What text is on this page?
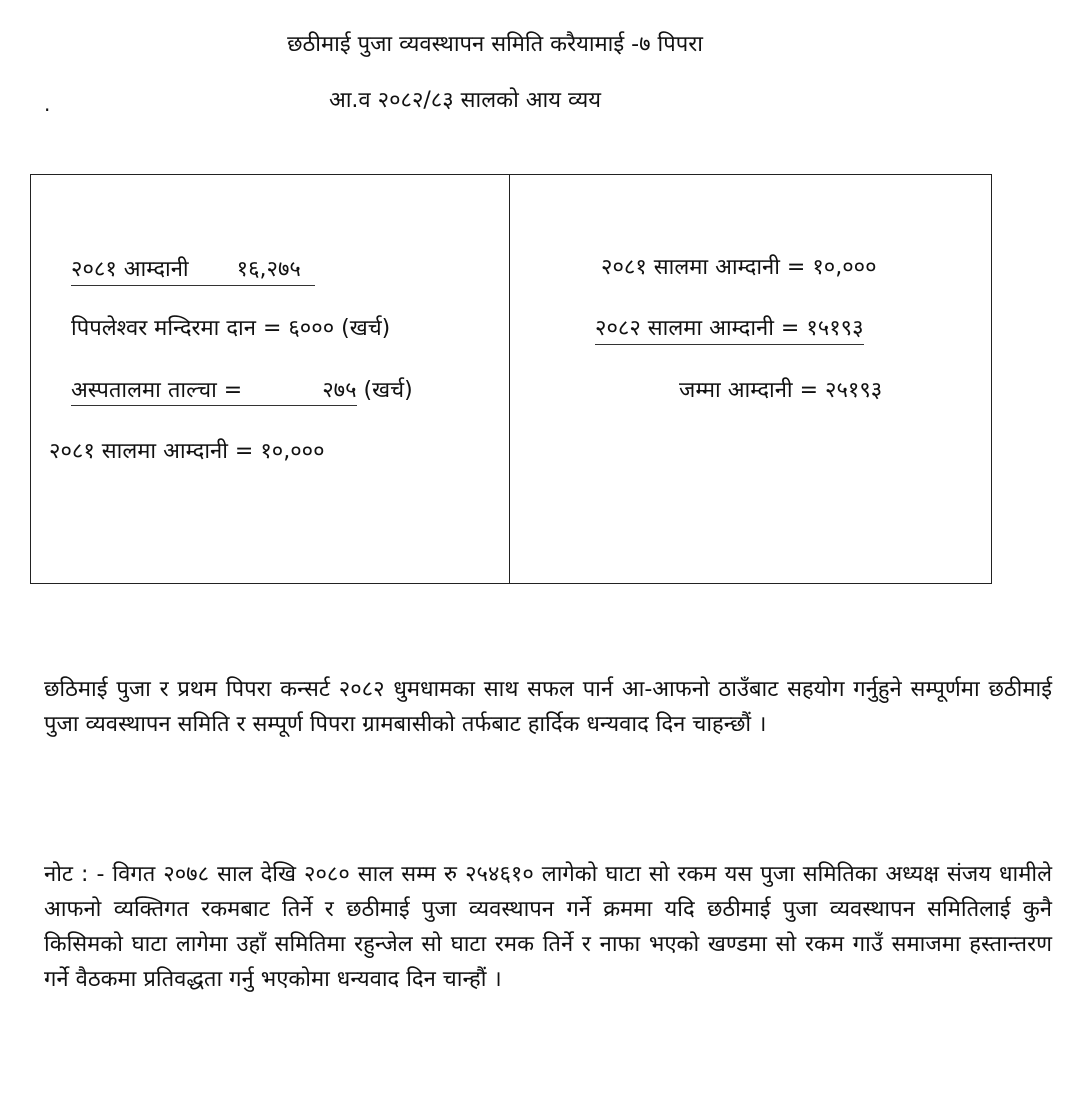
छठीमाई पुजा व्यवस्थापन समिति करैयामाई -७ पिपरा
.	आ.व २०८२/८३ सालको आय व्यय
२०८१ आम्दानी १६,२७५
पिपलेश्वर मन्दिरमा दान = ६००० (खर्च)
अस्पतालमा ताल्चा =	२७५ (खर्च)
२०८१ सालमा आम्दानी = १०,०००
२०८१ सालमा आम्दानी = १०,०००
२०८२ सालमा आम्दानी = १५१९३
जम्मा आम्दानी = २५१९३
छठिमाई पुजा र प्रथम पिपरा कन्सर्ट २०८२ धुमधामका साथ सफल पार्न आ-आफनो ठाउँबाट सहयोग गर्नुहुने सम्पूर्णमा छठीमाई पुजा व्यवस्थापन समिति र सम्पूर्ण पिपरा ग्रामबासीको तर्फबाट हार्दिक धन्यवाद दिन चाहन्छौं ।
नोट : - विगत २०७८ साल देखि २०८० साल सम्म रु २५४६१० लागेको घाटा सो रकम यस पुजा समितिका अध्यक्ष संजय धामीले आफनो व्यक्तिगत रकमबाट तिर्ने र छठीमाई पुजा व्यवस्थापन गर्ने क्रममा यदि छठीमाई पुजा व्यवस्थापन समितिलाई कुनै किसिमको घाटा लागेमा उहाँ समितिमा रहुन्जेल सो घाटा रमक तिर्ने र नाफा भएको खण्डमा सो रकम गाउँ समाजमा हस्तान्तरण गर्ने वैठकमा प्रतिवद्धता गर्नु भएकोमा धन्यवाद दिन चान्हौं ।
